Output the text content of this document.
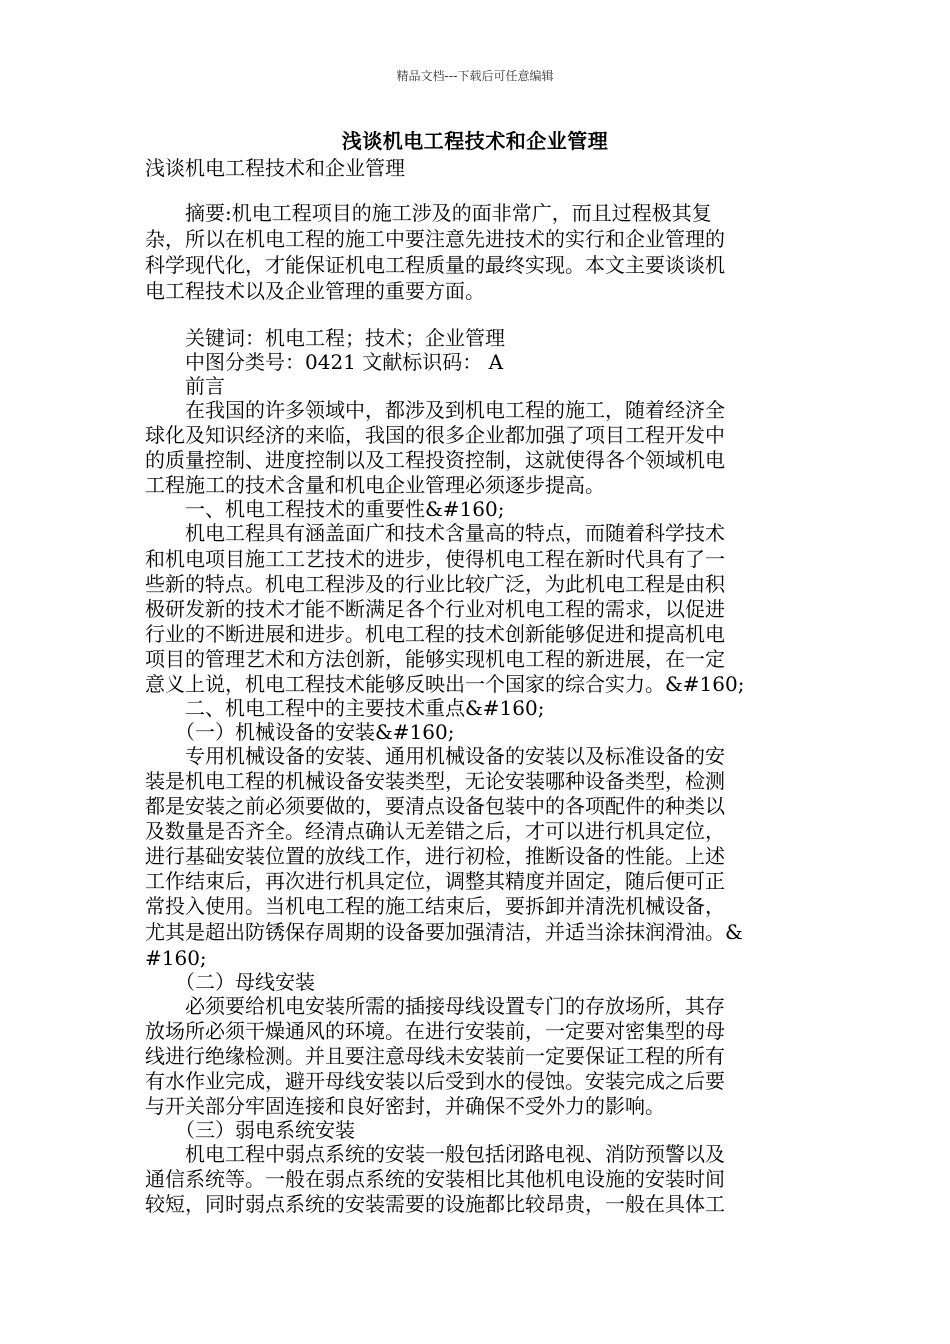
精品文档---下载后可任意编辑
浅谈机电工程技术和企业管理
浅谈机电工程技术和企业管理
　　摘要:机电工程项目的施工涉及的面非常广，而且过程极其复
杂，所以在机电工程的施工中要注意先进技术的实行和企业管理的
科学现代化，才能保证机电工程质量的最终实现。本文主要谈谈机
电工程技术以及企业管理的重要方面。
　　关键词：机电工程；技术；企业管理
　　中图分类号：0421 文献标识码： A
　　前言
　　在我国的许多领域中，都涉及到机电工程的施工，随着经济全
球化及知识经济的来临，我国的很多企业都加强了项目工程开发中
的质量控制、进度控制以及工程投资控制，这就使得各个领域机电
工程施工的技术含量和机电企业管理必须逐步提高。
　　一、机电工程技术的重要性&#160;
　　机电工程具有涵盖面广和技术含量高的特点，而随着科学技术
和机电项目施工工艺技术的进步，使得机电工程在新时代具有了一
些新的特点。机电工程涉及的行业比较广泛，为此机电工程是由积
极研发新的技术才能不断满足各个行业对机电工程的需求，以促进
行业的不断进展和进步。机电工程的技术创新能够促进和提高机电
项目的管理艺术和方法创新，能够实现机电工程的新进展，在一定
意义上说，机电工程技术能够反映出一个国家的综合实力。&#160;
　　二、机电工程中的主要技术重点&#160;
　　（一）机械设备的安装&#160;
　　专用机械设备的安装、通用机械设备的安装以及标准设备的安
装是机电工程的机械设备安装类型，无论安装哪种设备类型，检测
都是安装之前必须要做的，要清点设备包装中的各项配件的种类以
及数量是否齐全。经清点确认无差错之后，才可以进行机具定位，
进行基础安装位置的放线工作，进行初检，推断设备的性能。上述
工作结束后，再次进行机具定位，调整其精度并固定，随后便可正
常投入使用。当机电工程的施工结束后，要拆卸并清洗机械设备，
尤其是超出防锈保存周期的设备要加强清洁，并适当涂抹润滑油。&
#160;
　　（二）母线安装
　　必须要给机电安装所需的插接母线设置专门的存放场所，其存
放场所必须干燥通风的环境。在进行安装前，一定要对密集型的母
线进行绝缘检测。并且要注意母线未安装前一定要保证工程的所有
有水作业完成，避开母线安装以后受到水的侵蚀。安装完成之后要
与开关部分牢固连接和良好密封，并确保不受外力的影响。
　　（三）弱电系统安装
　　机电工程中弱点系统的安装一般包括闭路电视、消防预警以及
通信系统等。一般在弱点系统的安装相比其他机电设施的安装时间
较短，同时弱点系统的安装需要的设施都比较昂贵，一般在具体工
